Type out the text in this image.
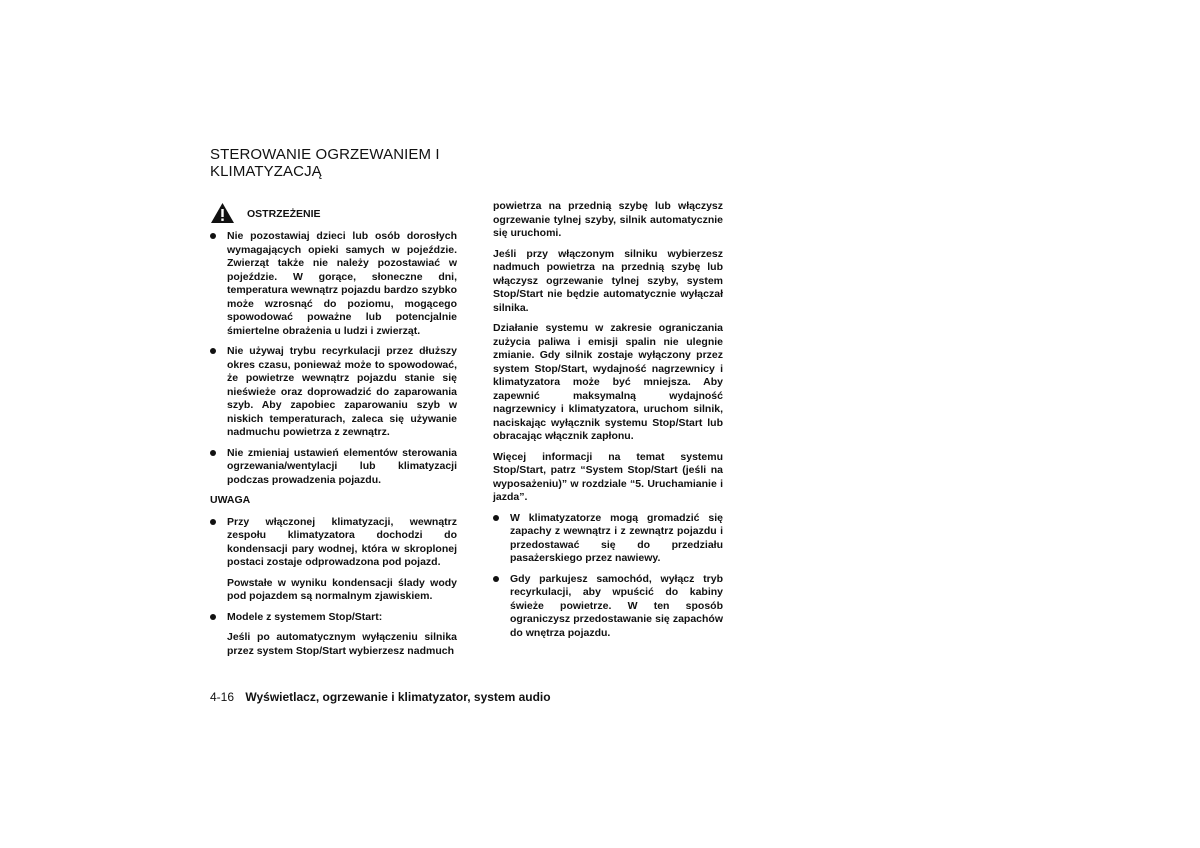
STEROWANIE OGRZEWANIEM I KLIMATYZACJĄ
OSTRZEŻENIE
Nie pozostawiaj dzieci lub osób dorosłych wymagających opieki samych w pojeździe. Zwierząt także nie należy pozostawiać w pojeździe. W gorące, słoneczne dni, temperatura wewnątrz pojazdu bardzo szybko może wzrosnąć do poziomu, mogącego spowodować poważne lub potencjalnie śmiertelne obrażenia u ludzi i zwierząt.
Nie używaj trybu recyrkulacji przez dłuższy okres czasu, ponieważ może to spowodować, że powietrze wewnątrz pojazdu stanie się nieświeże oraz doprowadzić do zaparowania szyb. Aby zapobiec zaparowaniu szyb w niskich temperaturach, zaleca się używanie nadmuchu powietrza z zewnątrz.
Nie zmieniaj ustawień elementów sterowania ogrzewania/wentylacji lub klimatyzacji podczas prowadzenia pojazdu.
UWAGA
Przy włączonej klimatyzacji, wewnątrz zespołu klimatyzatora dochodzi do kondensacji pary wodnej, która w skroplonej postaci zostaje odprowadzona pod pojazd.
Powstałe w wyniku kondensacji ślady wody pod pojazdem są normalnym zjawiskiem.
Modele z systemem Stop/Start:
Jeśli po automatycznym wyłączeniu silnika przez system Stop/Start wybierzesz nadmuch

powietrza na przednią szybę lub włączysz ogrzewanie tylnej szyby, silnik automatycznie się uruchomi.

Jeśli przy włączonym silniku wybierzesz nadmuch powietrza na przednią szybę lub włączysz ogrzewanie tylnej szyby, system Stop/Start nie będzie automatycznie wyłączał silnika.

Działanie systemu w zakresie ograniczania zużycia paliwa i emisji spalin nie ulegnie zmianie. Gdy silnik zostaje wyłączony przez system Stop/Start, wydajność nagrzewnicy i klimatyzatora może być mniejsza. Aby zapewnić maksymalną wydajność nagrzewnicy i klimatyzatora, uruchom silnik, naciskając wyłącznik systemu Stop/Start lub obracając włącznik zapłonu.

Więcej informacji na temat systemu Stop/Start, patrz “System Stop/Start (jeśli na wyposażeniu)” w rozdziale “5. Uruchamianie i jazda”.

W klimatyzatorze mogą gromadzić się zapachy z wewnątrz i z zewnątrz pojazdu i przedostawać się do przedziału pasażerskiego przez nawiewy.
Gdy parkujesz samochód, wyłącz tryb recyrkulacji, aby wpuścić do kabiny świeże powietrze. W ten sposób ograniczysz przedostawanie się zapachów do wnętrza pojazdu.
4-16 Wyświetlacz, ogrzewanie i klimatyzator, system audio
